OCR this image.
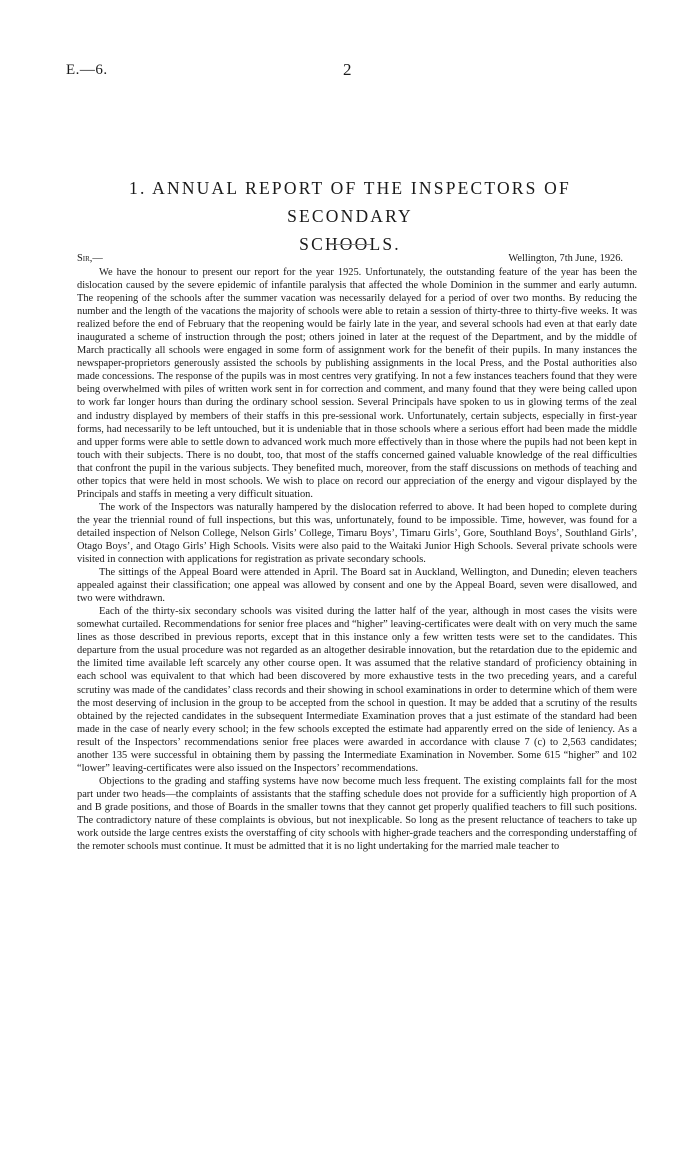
E.—6.	2
1. ANNUAL REPORT OF THE INSPECTORS OF SECONDARY
SCHOOLS.
Sir,—	Wellington, 7th June, 1926.

We have the honour to present our report for the year 1925. Unfortunately, the outstanding feature of the year has been the dislocation caused by the severe epidemic of infantile paralysis that affected the whole Dominion in the summer and early autumn. The reopening of the schools after the summer vacation was necessarily delayed for a period of over two months. By reducing the number and the length of the vacations the majority of schools were able to retain a session of thirty-three to thirty-five weeks. It was realized before the end of February that the reopening would be fairly late in the year, and several schools had even at that early date inaugurated a scheme of instruction through the post; others joined in later at the request of the Department, and by the middle of March practically all schools were engaged in some form of assignment work for the benefit of their pupils. In many instances the newspaper-proprietors generously assisted the schools by publishing assignments in the local Press, and the Postal authorities also made concessions. The response of the pupils was in most centres very gratifying. In not a few instances teachers found that they were being overwhelmed with piles of written work sent in for correction and comment, and many found that they were being called upon to work far longer hours than during the ordinary school session. Several Principals have spoken to us in glowing terms of the zeal and industry displayed by members of their staffs in this pre-sessional work. Unfortunately, certain subjects, especially in first-year forms, had necessarily to be left untouched, but it is undeniable that in those schools where a serious effort had been made the middle and upper forms were able to settle down to advanced work much more effectively than in those where the pupils had not been kept in touch with their subjects. There is no doubt, too, that most of the staffs concerned gained valuable knowledge of the real difficulties that confront the pupil in the various subjects. They benefited much, moreover, from the staff discussions on methods of teaching and other topics that were held in most schools. We wish to place on record our appreciation of the energy and vigour displayed by the Principals and staffs in meeting a very difficult situation.

The work of the Inspectors was naturally hampered by the dislocation referred to above. It had been hoped to complete during the year the triennial round of full inspections, but this was, unfortunately, found to be impossible. Time, however, was found for a detailed inspection of Nelson College, Nelson Girls’ College, Timaru Boys’, Timaru Girls’, Gore, Southland Boys’, Southland Girls’, Otago Boys’, and Otago Girls’ High Schools. Visits were also paid to the Waitaki Junior High Schools. Several private schools were visited in connection with applications for registration as private secondary schools.

The sittings of the Appeal Board were attended in April. The Board sat in Auckland, Wellington, and Dunedin; eleven teachers appealed against their classification; one appeal was allowed by consent and one by the Appeal Board, seven were disallowed, and two were withdrawn.

Each of the thirty-six secondary schools was visited during the latter half of the year, although in most cases the visits were somewhat curtailed. Recommendations for senior free places and “higher” leaving-certificates were dealt with on very much the same lines as those described in previous reports, except that in this instance only a few written tests were set to the candidates. This departure from the usual procedure was not regarded as an altogether desirable innovation, but the retardation due to the epidemic and the limited time available left scarcely any other course open. It was assumed that the relative standard of proficiency obtaining in each school was equivalent to that which had been discovered by more exhaustive tests in the two preceding years, and a careful scrutiny was made of the candidates’ class records and their showing in school examinations in order to determine which of them were the most deserving of inclusion in the group to be accepted from the school in question. It may be added that a scrutiny of the results obtained by the rejected candidates in the subsequent Intermediate Examination proves that a just estimate of the standard had been made in the case of nearly every school; in the few schools excepted the estimate had apparently erred on the side of leniency. As a result of the Inspectors’ recommendations senior free places were awarded in accordance with clause 7 (c) to 2,563 candidates; another 135 were successful in obtaining them by passing the Intermediate Examination in November. Some 615 “higher” and 102 “lower” leaving-certificates were also issued on the Inspectors’ recommendations.

Objections to the grading and staffing systems have now become much less frequent. The existing complaints fall for the most part under two heads—the complaints of assistants that the staffing schedule does not provide for a sufficiently high proportion of A and B grade positions, and those of Boards in the smaller towns that they cannot get properly qualified teachers to fill such positions. The contradictory nature of these complaints is obvious, but not inexplicable. So long as the present reluctance of teachers to take up work outside the large centres exists the overstaffing of city schools with higher-grade teachers and the corresponding understaffing of the remoter schools must continue. It must be admitted that it is no light undertaking for the married male teacher to
